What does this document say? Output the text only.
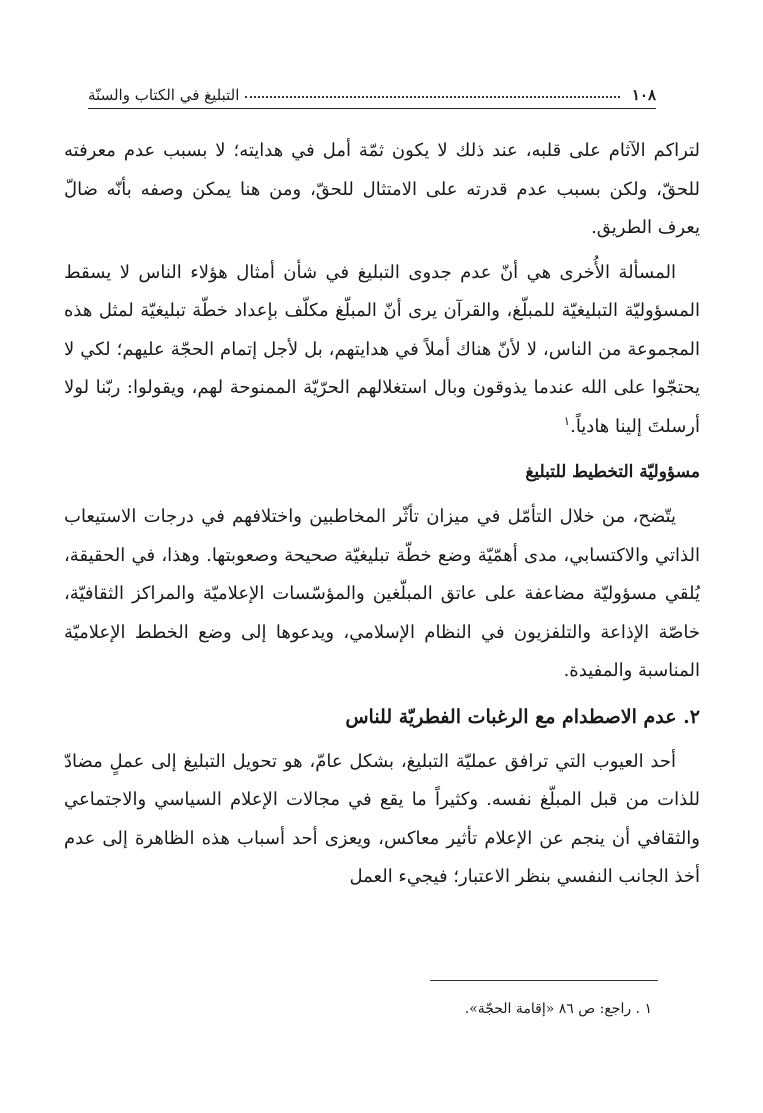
١٠٨
التبليغ في الكتاب والسنّة

لتراكم الآثام على قلبه، عند ذلك لا يكون ثمّة أمل في هدايته؛ لا بسبب عدم معرفته للحقّ، ولكن بسبب عدم قدرته على الامتثال للحقّ، ومن هنا يمكن وصفه بأنّه ضالّ يعرف الطريق.

المسألة الأُخرى هي أنّ عدم جدوى التبليغ في شأن أمثال هؤلاء الناس لا يسقط المسؤوليّة التبليغيّة للمبلّغ، والقرآن يرى أنّ المبلّغ مكلّف بإعداد خطّة تبليغيّة لمثل هذه المجموعة من الناس، لا لأنّ هناك أملاً في هدايتهم، بل لأجل إتمام الحجّة عليهم؛ لكي لا يحتجّوا على الله عندما يذوقون وبال استغلالهم الحرّيّة الممنوحة لهم، ويقولوا: ربّنا لولا أرسلتَ إلينا هادياً.$^١$

مسؤوليّة التخطيط للتبليغ

يتّضح، من خلال التأمّل في ميزان تأثّر المخاطبين واختلافهم في درجات الاستيعاب الذاتي والاكتسابي، مدى أهمّيّة وضع خطّة تبليغيّة صحيحة وصعوبتها. وهذا، في الحقيقة، يُلقي مسؤوليّة مضاعفة على عاتق المبلّغين والمؤسّسات الإعلاميّة والمراكز الثقافيّة، خاصّة الإذاعة والتلفزيون في النظام الإسلامي، ويدعوها إلى وضع الخطط الإعلاميّة المناسبة والمفيدة.

٢. عدم الاصطدام مع الرغبات الفطريّة للناس

أحد العيوب التي ترافق عمليّة التبليغ، بشكل عامّ، هو تحويل التبليغ إلى عملٍ مضادّ للذات من قبل المبلّغ نفسه. وكثيراً ما يقع في مجالات الإعلام السياسي والاجتماعي والثقافي أن ينجم عن الإعلام تأثير معاكس، ويعزى أحد أسباب هذه الظاهرة إلى عدم أخذ الجانب النفسي بنظر الاعتبار؛ فيجيء العمل

١ . راجع: ص ٨٦ «إقامة الحجّة».
